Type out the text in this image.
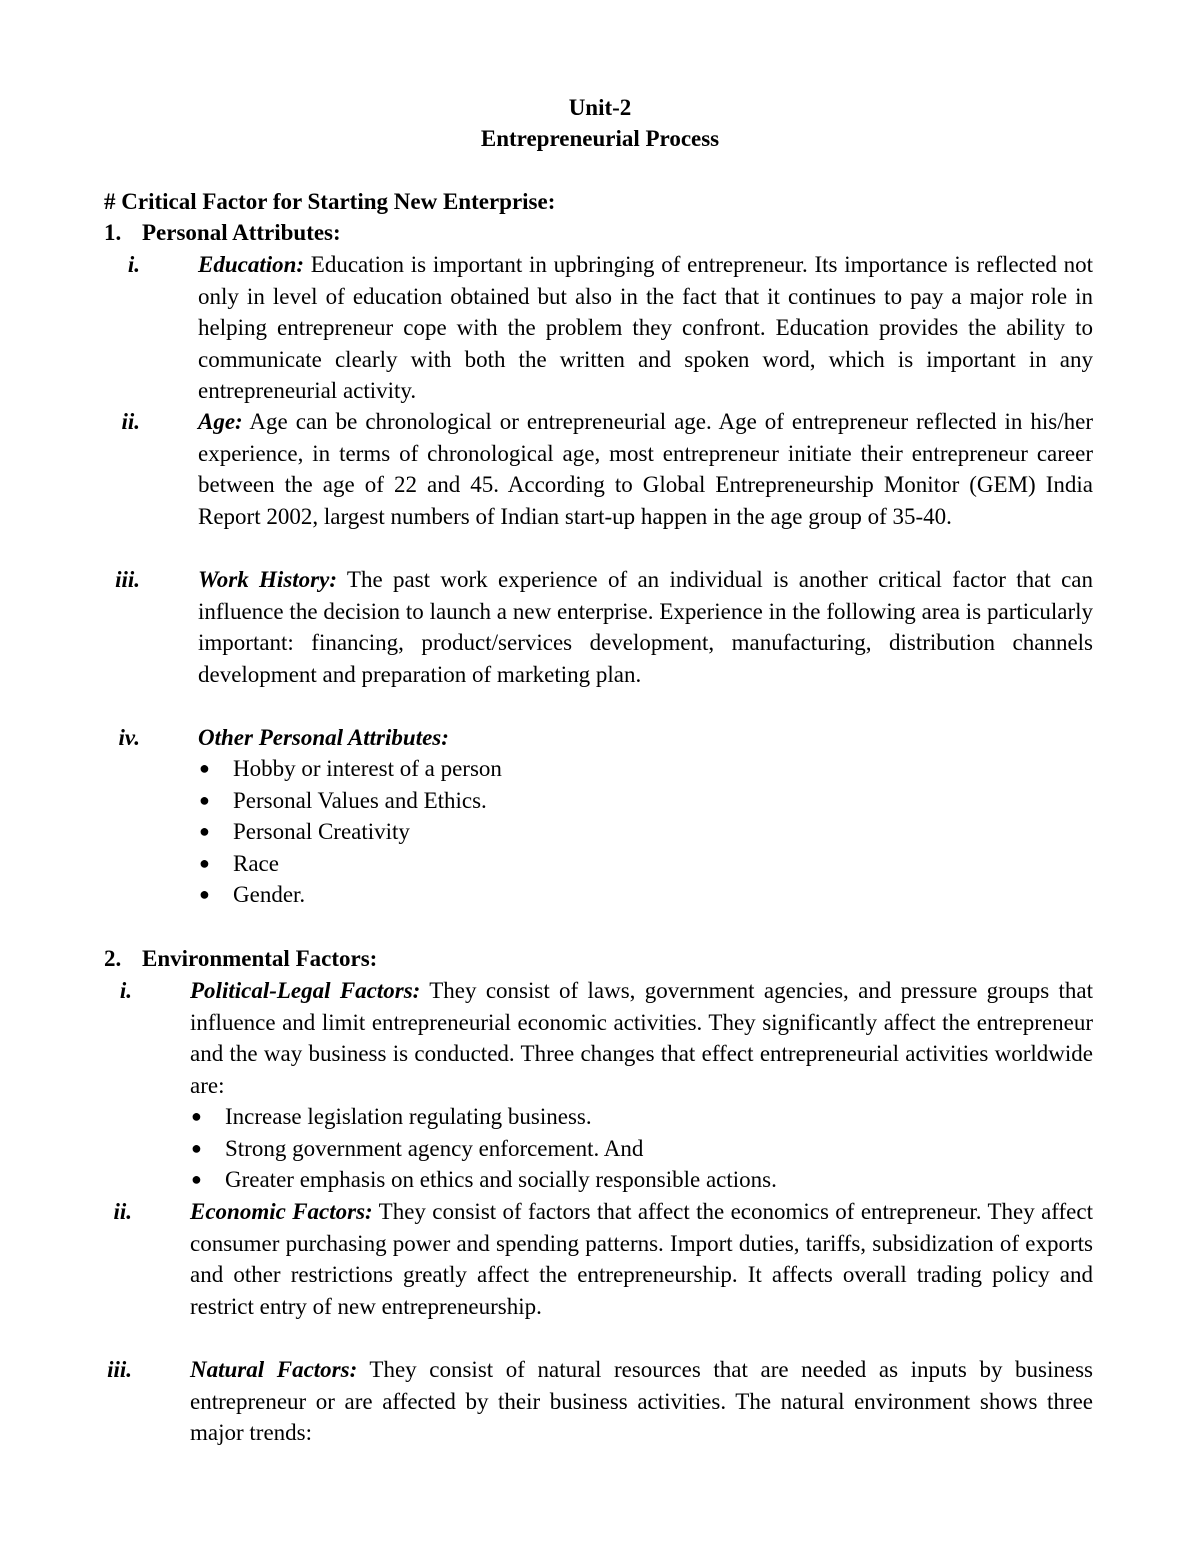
Unit-2
Entrepreneurial Process
# Critical Factor for Starting New Enterprise:
1. Personal Attributes:
i.	Education: Education is important in upbringing of entrepreneur. Its importance is reflected not only in level of education obtained but also in the fact that it continues to pay a major role in helping entrepreneur cope with the problem they confront. Education provides the ability to communicate clearly with both the written and spoken word, which is important in any entrepreneurial activity.
ii.	Age: Age can be chronological or entrepreneurial age. Age of entrepreneur reflected in his/her experience, in terms of chronological age, most entrepreneur initiate their entrepreneur career between the age of 22 and 45. According to Global Entrepreneurship Monitor (GEM) India Report 2002, largest numbers of Indian start-up happen in the age group of 35-40.
iii.	Work History: The past work experience of an individual is another critical factor that can influence the decision to launch a new enterprise. Experience in the following area is particularly important: financing, product/services development, manufacturing, distribution channels development and preparation of marketing plan.
iv.	Other Personal Attributes:
● Hobby or interest of a person
● Personal Values and Ethics.
● Personal Creativity
● Race
● Gender.
2. Environmental Factors:
i.	Political-Legal Factors: They consist of laws, government agencies, and pressure groups that influence and limit entrepreneurial economic activities. They significantly affect the entrepreneur and the way business is conducted. Three changes that effect entrepreneurial activities worldwide are:
● Increase legislation regulating business.
● Strong government agency enforcement. And
● Greater emphasis on ethics and socially responsible actions.
ii.	Economic Factors: They consist of factors that affect the economics of entrepreneur. They affect consumer purchasing power and spending patterns. Import duties, tariffs, subsidization of exports and other restrictions greatly affect the entrepreneurship. It affects overall trading policy and restrict entry of new entrepreneurship.
iii.	Natural Factors: They consist of natural resources that are needed as inputs by business entrepreneur or are affected by their business activities. The natural environment shows three major trends:
